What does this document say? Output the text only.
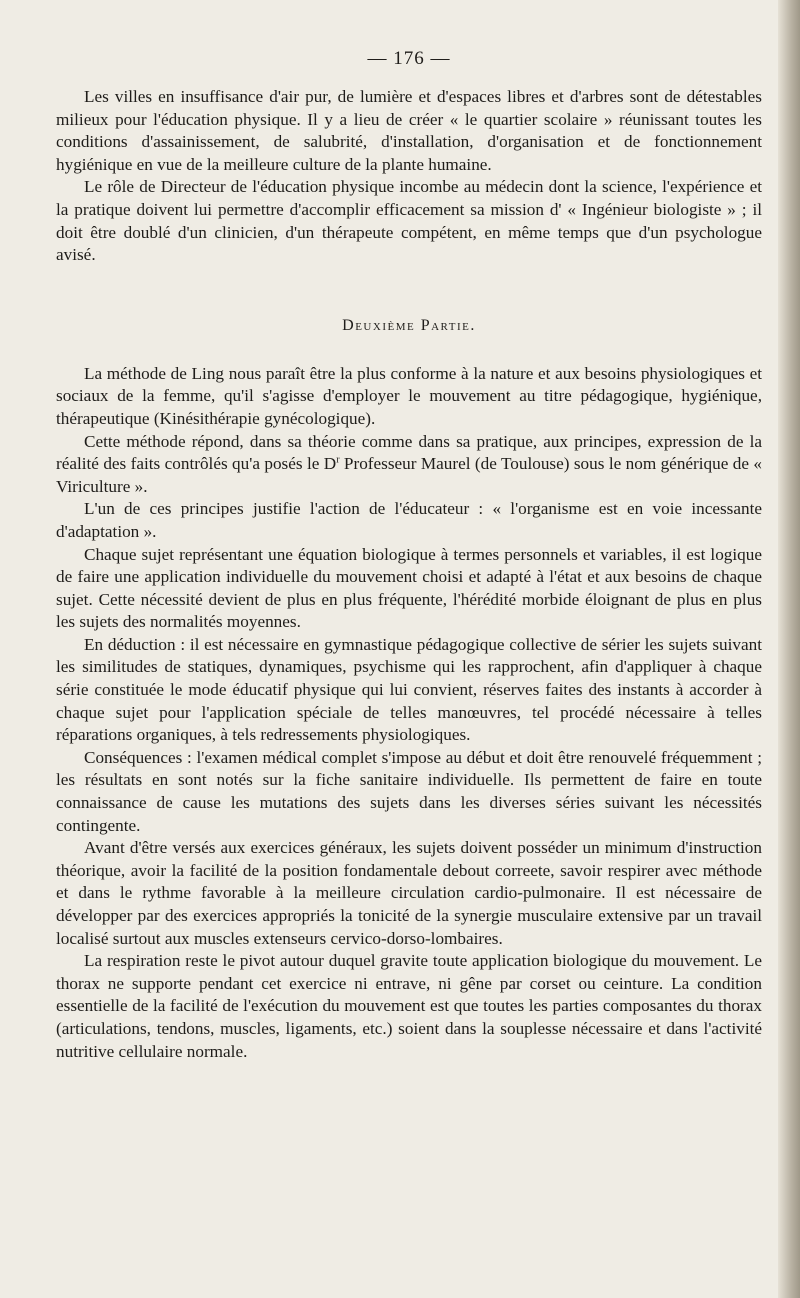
— 176 —

Les villes en insuffisance d'air pur, de lumière et d'espaces libres et d'arbres sont de détestables milieux pour l'éducation physique. Il y a lieu de créer « le quartier scolaire » réunissant toutes les conditions d'assainissement, de salubrité, d'installation, d'organisation et de fonctionnement hygiénique en vue de la meilleure culture de la plante humaine.

Le rôle de Directeur de l'éducation physique incombe au médecin dont la science, l'expérience et la pratique doivent lui permettre d'accomplir efficacement sa mission d' « Ingénieur biologiste » ; il doit être doublé d'un clinicien, d'un thérapeute compétent, en même temps que d'un psychologue avisé.

Deuxième Partie.

La méthode de Ling nous paraît être la plus conforme à la nature et aux besoins physiologiques et sociaux de la femme, qu'il s'agisse d'employer le mouvement au titre pédagogique, hygiénique, thérapeutique (Kinésithérapie gynécologique).

Cette méthode répond, dans sa théorie comme dans sa pratique, aux principes, expression de la réalité des faits contrôlés qu'a posés le $D^r$ Professeur Maurel (de Toulouse) sous le nom générique de « Viriculture ».

L'un de ces principes justifie l'action de l'éducateur : « l'organisme est en voie incessante d'adaptation ».

Chaque sujet représentant une équation biologique à termes personnels et variables, il est logique de faire une application individuelle du mouvement choisi et adapté à l'état et aux besoins de chaque sujet. Cette nécessité devient de plus en plus fréquente, l'hérédité morbide éloignant de plus en plus les sujets des normalités moyennes.

En déduction : il est nécessaire en gymnastique pédagogique collective de sérier les sujets suivant les similitudes de statiques, dynamiques, psychisme qui les rapprochent, afin d'appliquer à chaque série constituée le mode éducatif physique qui lui convient, réserves faites des instants à accorder à chaque sujet pour l'application spéciale de telles manœuvres, tel procédé nécessaire à telles réparations organiques, à tels redressements physiologiques.

Conséquences : l'examen médical complet s'impose au début et doit être renouvelé fréquemment ; les résultats en sont notés sur la fiche sanitaire individuelle. Ils permettent de faire en toute connaissance de cause les mutations des sujets dans les diverses séries suivant les nécessités contingente.

Avant d'être versés aux exercices généraux, les sujets doivent posséder un minimum d'instruction théorique, avoir la facilité de la position fondamentale debout correete, savoir respirer avec méthode et dans le rythme favorable à la meilleure circulation cardio-pulmonaire. Il est nécessaire de développer par des exercices appropriés la tonicité de la synergie musculaire extensive par un travail localisé surtout aux muscles extenseurs cervico-dorso-lombaires.

La respiration reste le pivot autour duquel gravite toute application biologique du mouvement. Le thorax ne supporte pendant cet exercice ni entrave, ni gêne par corset ou ceinture. La condition essentielle de la facilité de l'exécution du mouvement est que toutes les parties composantes du thorax (articulations, tendons, muscles, ligaments, etc.) soient dans la souplesse nécessaire et dans l'activité nutritive cellulaire normale.
